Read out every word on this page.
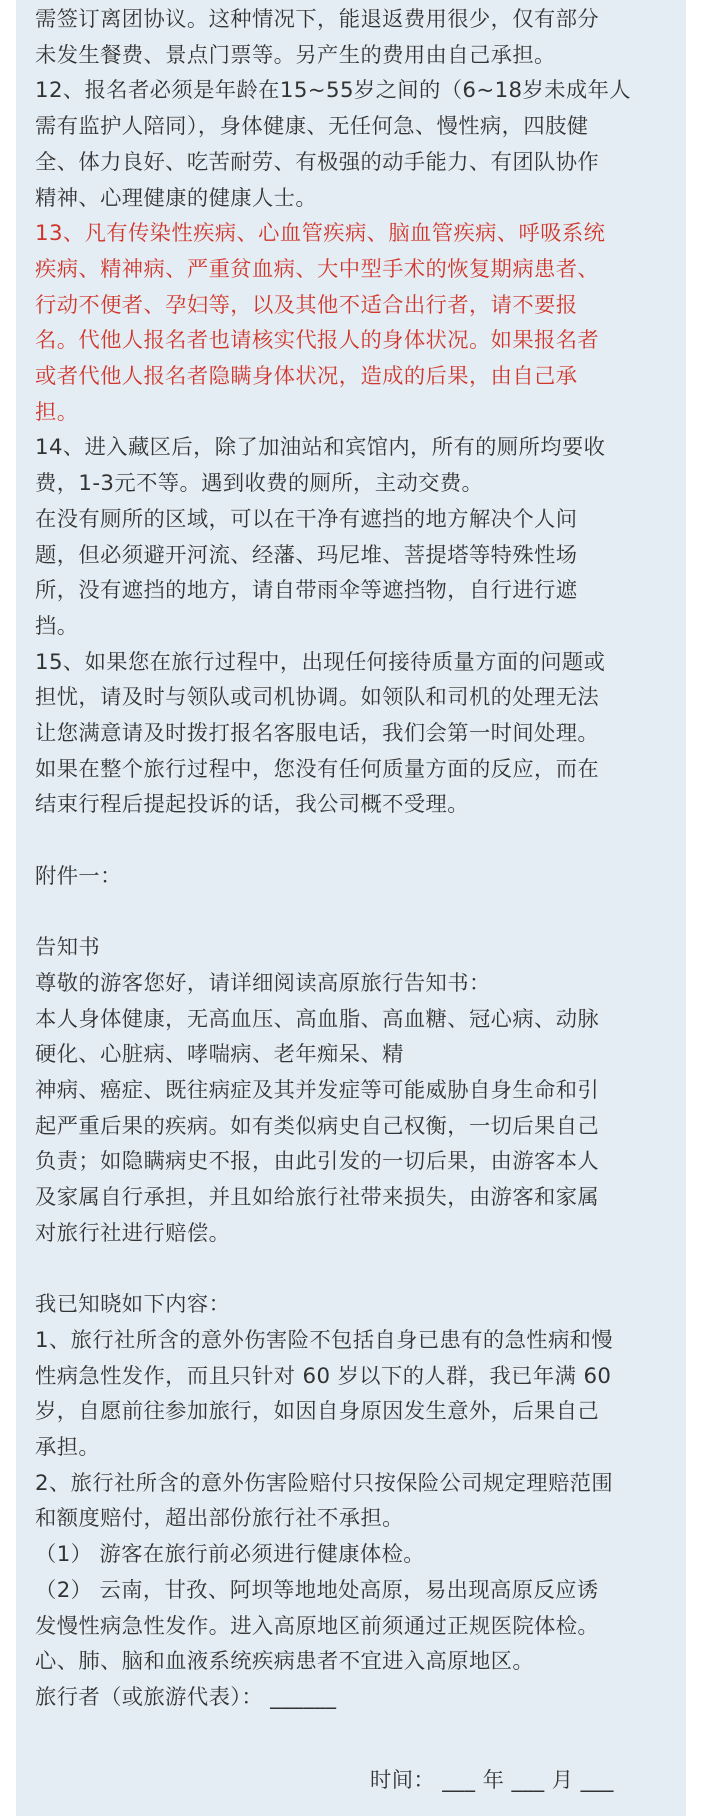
需签订离团协议。这种情况下，能退返费用很少，仅有部分

未发生餐费、景点门票等。另产生的费用由自己承担。

12、报名者必须是年龄在15~55岁之间的（6~18岁未成年人

需有监护人陪同），身体健康、无任何急、慢性病，四肢健

全、体力良好、吃苦耐劳、有极强的动手能力、有团队协作

精神、心理健康的健康人士。

13、凡有传染性疾病、心血管疾病、脑血管疾病、呼吸系统

疾病、精神病、严重贫血病、大中型手术的恢复期病患者、

行动不便者、孕妇等，以及其他不适合出行者，请不要报

名。代他人报名者也请核实代报人的身体状况。如果报名者

或者代他人报名者隐瞒身体状况，造成的后果，由自己承

担。

14、进入藏区后，除了加油站和宾馆内，所有的厕所均要收

费，1-3元不等。遇到收费的厕所，主动交费。

在没有厕所的区域，可以在干净有遮挡的地方解决个人问

题，但必须避开河流、经藩、玛尼堆、菩提塔等特殊性场

所，没有遮挡的地方，请自带雨伞等遮挡物，自行进行遮

挡。

15、如果您在旅行过程中，出现任何接待质量方面的问题或

担忧，请及时与领队或司机协调。如领队和司机的处理无法

让您满意请及时拨打报名客服电话，我们会第一时间处理。

如果在整个旅行过程中，您没有任何质量方面的反应，而在

结束行程后提起投诉的话，我公司概不受理。

附件一：

告知书

尊敬的游客您好，请详细阅读高原旅行告知书：

本人身体健康，无高血压、高血脂、高血糖、冠心病、动脉

硬化、心脏病、哮喘病、老年痴呆、精

神病、癌症、既往病症及其并发症等可能威胁自身生命和引

起严重后果的疾病。如有类似病史自己权衡，一切后果自己

负责；如隐瞒病史不报，由此引发的一切后果，由游客本人

及家属自行承担，并且如给旅行社带来损失，由游客和家属

对旅行社进行赔偿。

我已知晓如下内容：

1、旅行社所含的意外伤害险不包括自身已患有的急性病和慢

性病急性发作，而且只针对 60 岁以下的人群，我已年满 60

岁，自愿前往参加旅行，如因自身原因发生意外，后果自己

承担。

2、旅行社所含的意外伤害险赔付只按保险公司规定理赔范围

和额度赔付，超出部份旅行社不承担。

（1） 游客在旅行前必须进行健康体检。

（2） 云南，甘孜、阿坝等地地处高原，易出现高原反应诱

发慢性病急性发作。进入高原地区前须通过正规医院体检。

心、肺、脑和血液系统疾病患者不宜进入高原地区。

旅行者（或旅游代表）： ______

时间： ___ 年 ___ 月 ___
